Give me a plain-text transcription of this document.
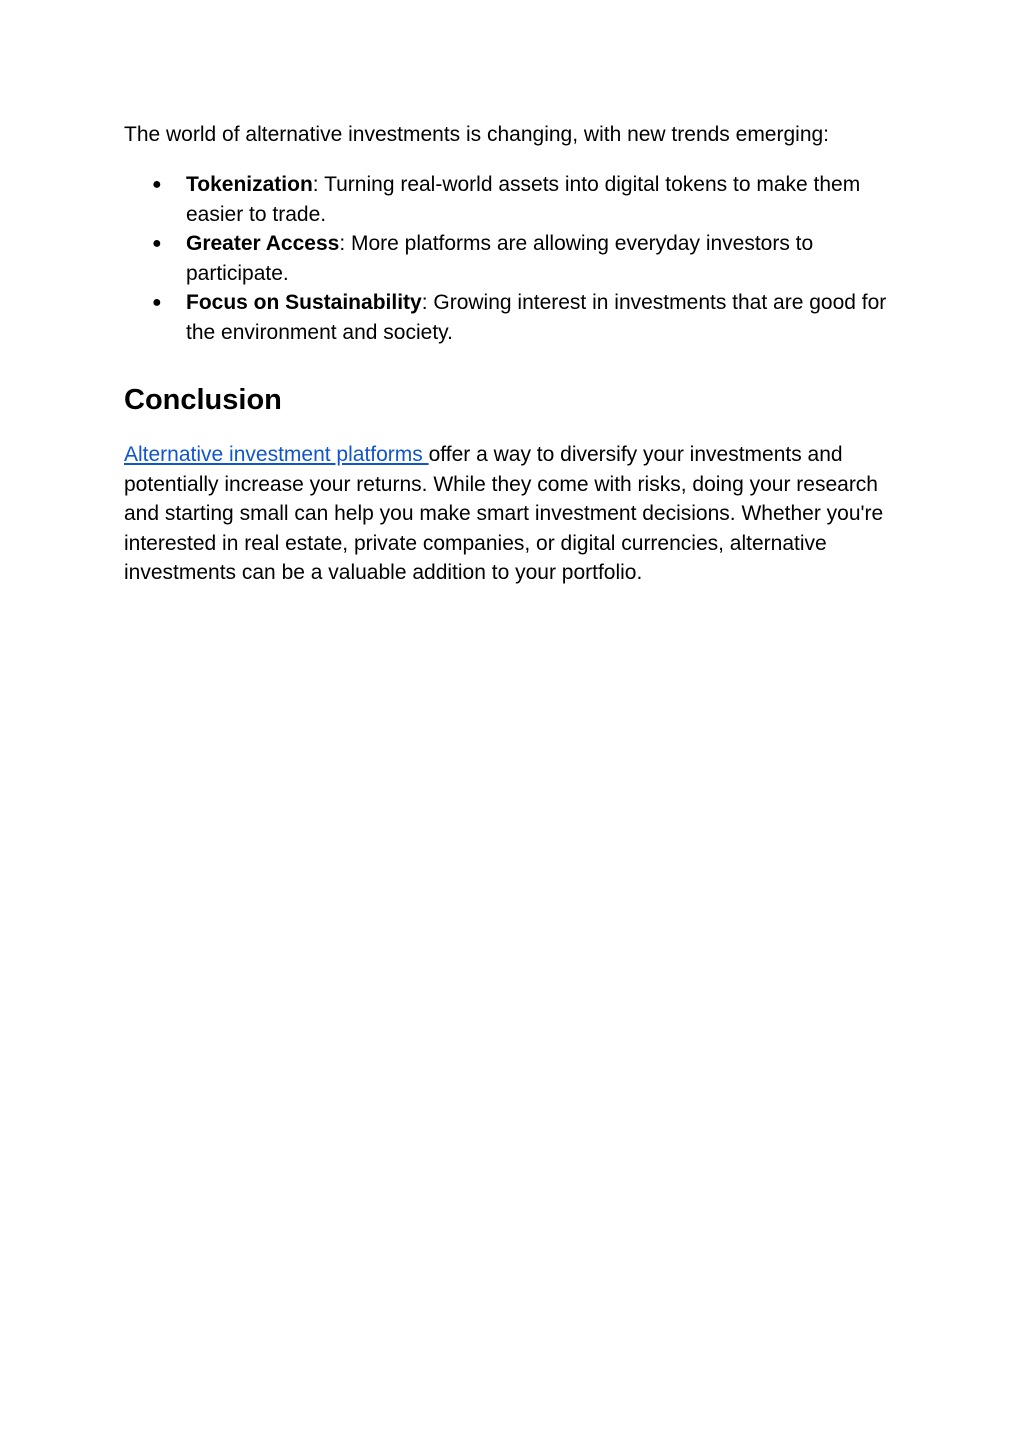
The world of alternative investments is changing, with new trends emerging:

● Tokenization: Turning real-world assets into digital tokens to make them easier to trade.
● Greater Access: More platforms are allowing everyday investors to participate.
● Focus on Sustainability: Growing interest in investments that are good for the environment and society.
Conclusion

Alternative investment platforms offer a way to diversify your investments and potentially increase your returns. While they come with risks, doing your research and starting small can help you make smart investment decisions. Whether you're interested in real estate, private companies, or digital currencies, alternative investments can be a valuable addition to your portfolio.
